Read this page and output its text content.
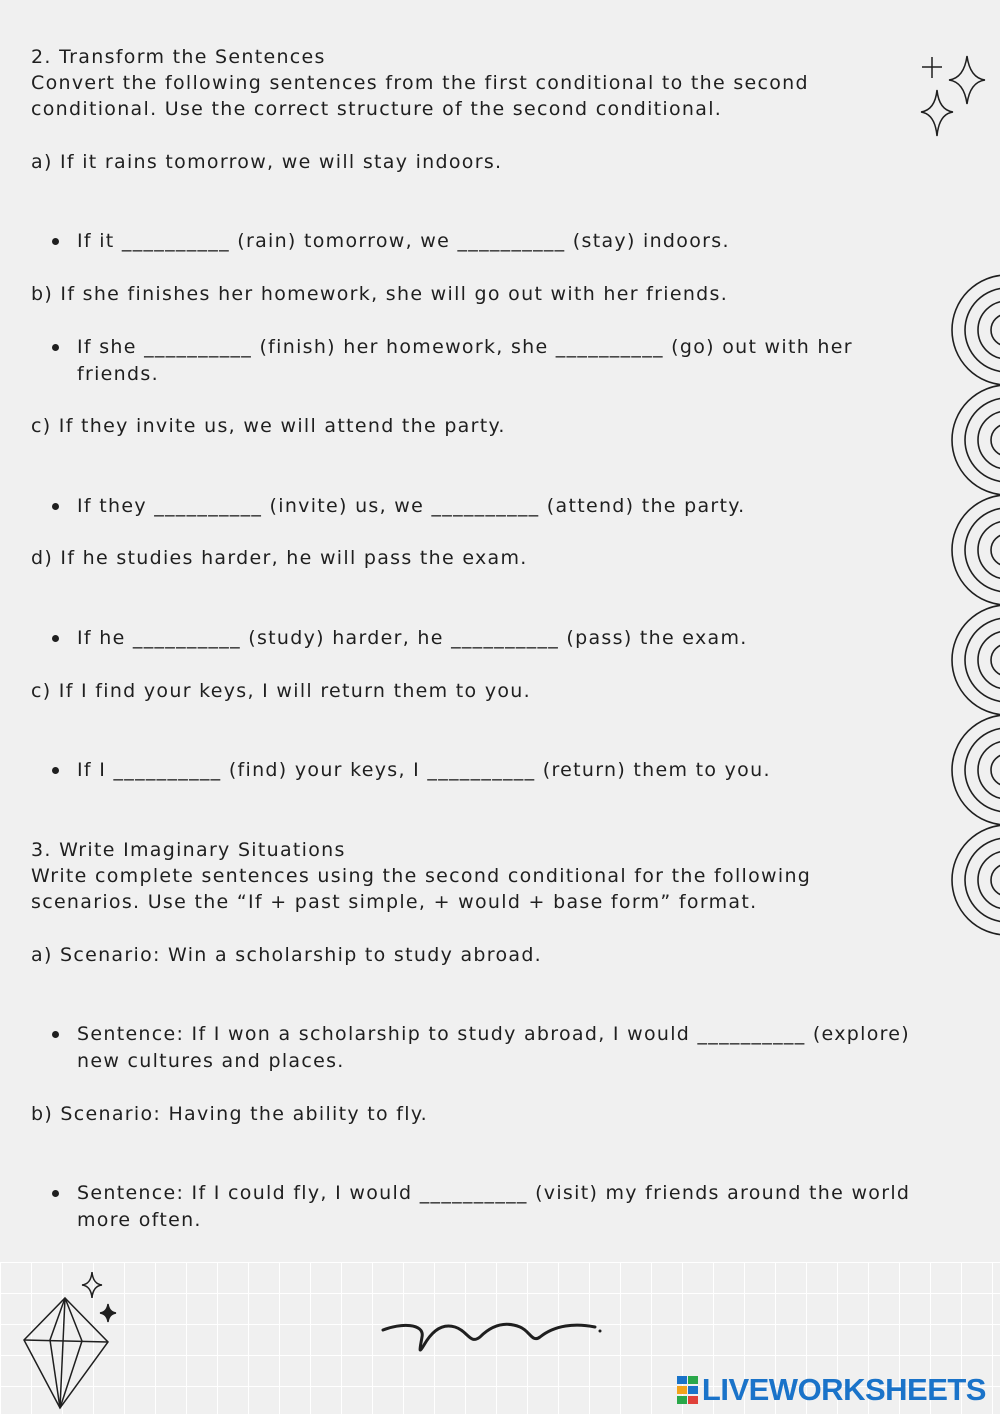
2. Transform the Sentences
Convert the following sentences from the first conditional to the second
conditional. Use the correct structure of the second conditional.
a) If it rains tomorrow, we will stay indoors.
If it __________ (rain) tomorrow, we __________ (stay) indoors.
b) If she finishes her homework, she will go out with her friends.
If she __________ (finish) her homework, she __________ (go) out with her
friends.
c) If they invite us, we will attend the party.
If they __________ (invite) us, we __________ (attend) the party.
d) If he studies harder, he will pass the exam.
If he __________ (study) harder, he __________ (pass) the exam.
c) If I find your keys, I will return them to you.
If I __________ (find) your keys, I __________ (return) them to you.
3. Write Imaginary Situations
Write complete sentences using the second conditional for the following
scenarios. Use the “If + past simple, + would + base form” format.
a) Scenario: Win a scholarship to study abroad.
Sentence: If I won a scholarship to study abroad, I would __________ (explore)
new cultures and places.
b) Scenario: Having the ability to fly.
Sentence: If I could fly, I would __________ (visit) my friends around the world
more often.
LIVEWORKSHEETS
